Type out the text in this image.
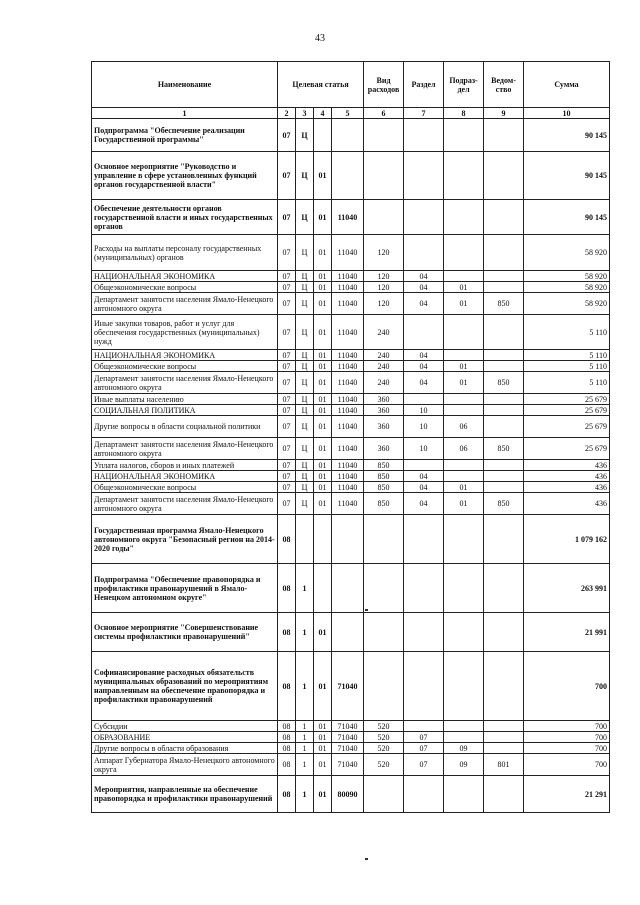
43
Наименование	Целевая статья				Вид расходов	Раздел	Подраз-дел	Ведом-ство	Сумма
1	2	3	4	5	6	7	8	9	10
Подпрограмма "Обеспечение реализации Государственной программы"	07	Ц							90 145
Основное мероприятие "Руководство и управление в сфере установленных функций органов государственной власти"	07	Ц	01						90 145
Обеспечение деятельности органов государственной власти и иных государственных органов	07	Ц	01	11040					90 145
Расходы на выплаты персоналу государственных (муниципальных) органов	07	Ц	01	11040	120				58 920
НАЦИОНАЛЬНАЯ ЭКОНОМИКА	07	Ц	01	11040	120	04			58 920
Общеэкономические вопросы	07	Ц	01	11040	120	04	01		58 920
Департамент занятости населения Ямало-Ненецкого автономного округа	07	Ц	01	11040	120	04	01	850	58 920
Иные закупки товаров, работ и услуг для обеспечения государственных (муниципальных) нужд	07	Ц	01	11040	240				5 110
НАЦИОНАЛЬНАЯ ЭКОНОМИКА	07	Ц	01	11040	240	04			5 110
Общеэкономические вопросы	07	Ц	01	11040	240	04	01		5 110
Департамент занятости населения Ямало-Ненецкого автономного округа	07	Ц	01	11040	240	04	01	850	5 110
Иные выплаты населению	07	Ц	01	11040	360				25 679
СОЦИАЛЬНАЯ ПОЛИТИКА	07	Ц	01	11040	360	10			25 679
Другие вопросы в области социальной политики	07	Ц	01	11040	360	10	06		25 679
Департамент занятости населения Ямало-Ненецкого автономного округа	07	Ц	01	11040	360	10	06	850	25 679
Уплата налогов, сборов и иных платежей	07	Ц	01	11040	850				436
НАЦИОНАЛЬНАЯ ЭКОНОМИКА	07	Ц	01	11040	850	04			436
Общеэкономические вопросы	07	Ц	01	11040	850	04	01		436
Департамент занятости населения Ямало-Ненецкого автономного округа	07	Ц	01	11040	850	04	01	850	436
Государственная программа Ямало-Ненецкого автономного округа "Безопасный регион на 2014-2020 годы"	08								1 079 162
Подпрограмма "Обеспечение правопорядка и профилактики правонарушений в Ямало-Ненецком автономном округе"	08	1							263 991
Основное мероприятие "Совершенствование системы профилактики правонарушений"	08	1	01						21 991
Софинансирование расходных обязательств муниципальных образований по мероприятиям направленным на обеспечение правопорядка и профилактики правонарушений	08	1	01	71040					700
Субсидии	08	1	01	71040	520				700
ОБРАЗОВАНИЕ	08	1	01	71040	520	07			700
Другие вопросы в области образования	08	1	01	71040	520	07	09		700
Аппарат Губернатора Ямало-Ненецкого автономного округа	08	1	01	71040	520	07	09	801	700
Мероприятия, направленные на обеспечение правопорядка и профилактики правонарушений	08	1	01	80090					21 291
